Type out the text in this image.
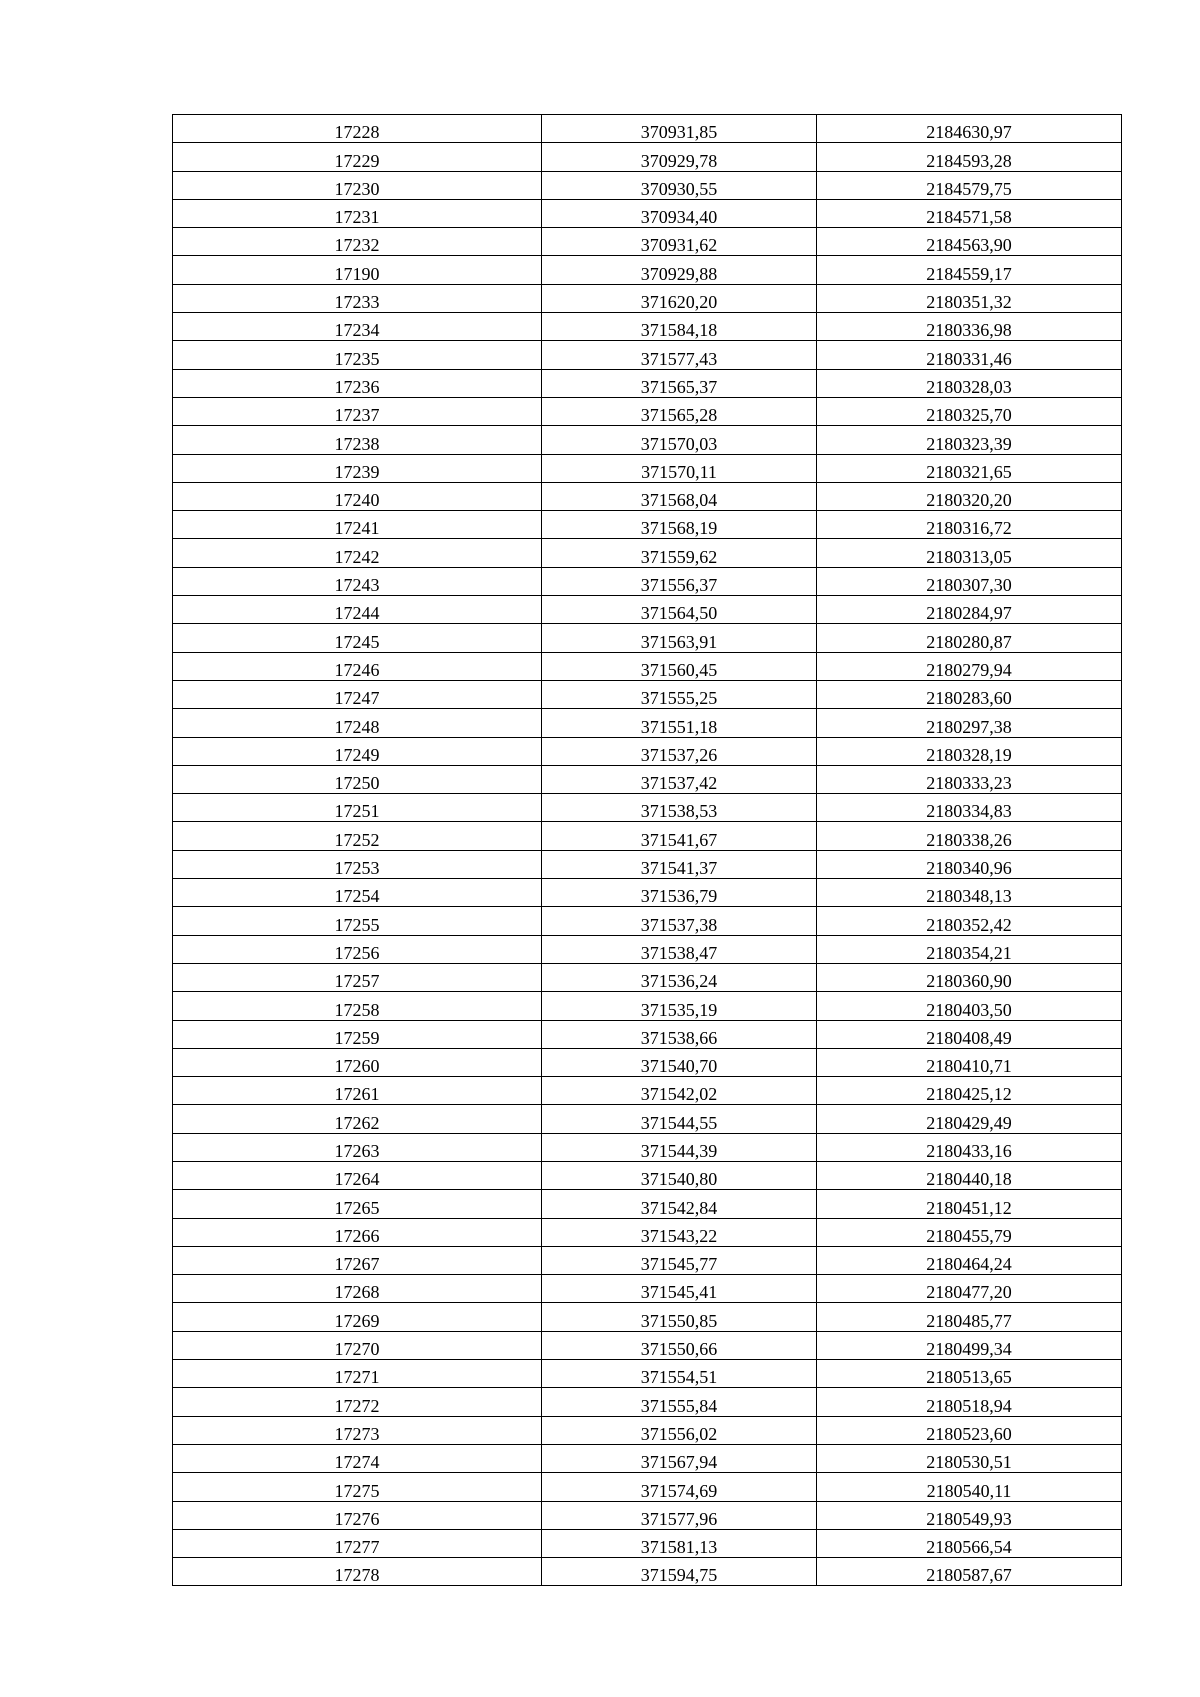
17228	370931,85	2184630,97
17229	370929,78	2184593,28
17230	370930,55	2184579,75
17231	370934,40	2184571,58
17232	370931,62	2184563,90
17190	370929,88	2184559,17
17233	371620,20	2180351,32
17234	371584,18	2180336,98
17235	371577,43	2180331,46
17236	371565,37	2180328,03
17237	371565,28	2180325,70
17238	371570,03	2180323,39
17239	371570,11	2180321,65
17240	371568,04	2180320,20
17241	371568,19	2180316,72
17242	371559,62	2180313,05
17243	371556,37	2180307,30
17244	371564,50	2180284,97
17245	371563,91	2180280,87
17246	371560,45	2180279,94
17247	371555,25	2180283,60
17248	371551,18	2180297,38
17249	371537,26	2180328,19
17250	371537,42	2180333,23
17251	371538,53	2180334,83
17252	371541,67	2180338,26
17253	371541,37	2180340,96
17254	371536,79	2180348,13
17255	371537,38	2180352,42
17256	371538,47	2180354,21
17257	371536,24	2180360,90
17258	371535,19	2180403,50
17259	371538,66	2180408,49
17260	371540,70	2180410,71
17261	371542,02	2180425,12
17262	371544,55	2180429,49
17263	371544,39	2180433,16
17264	371540,80	2180440,18
17265	371542,84	2180451,12
17266	371543,22	2180455,79
17267	371545,77	2180464,24
17268	371545,41	2180477,20
17269	371550,85	2180485,77
17270	371550,66	2180499,34
17271	371554,51	2180513,65
17272	371555,84	2180518,94
17273	371556,02	2180523,60
17274	371567,94	2180530,51
17275	371574,69	2180540,11
17276	371577,96	2180549,93
17277	371581,13	2180566,54
17278	371594,75	2180587,67
